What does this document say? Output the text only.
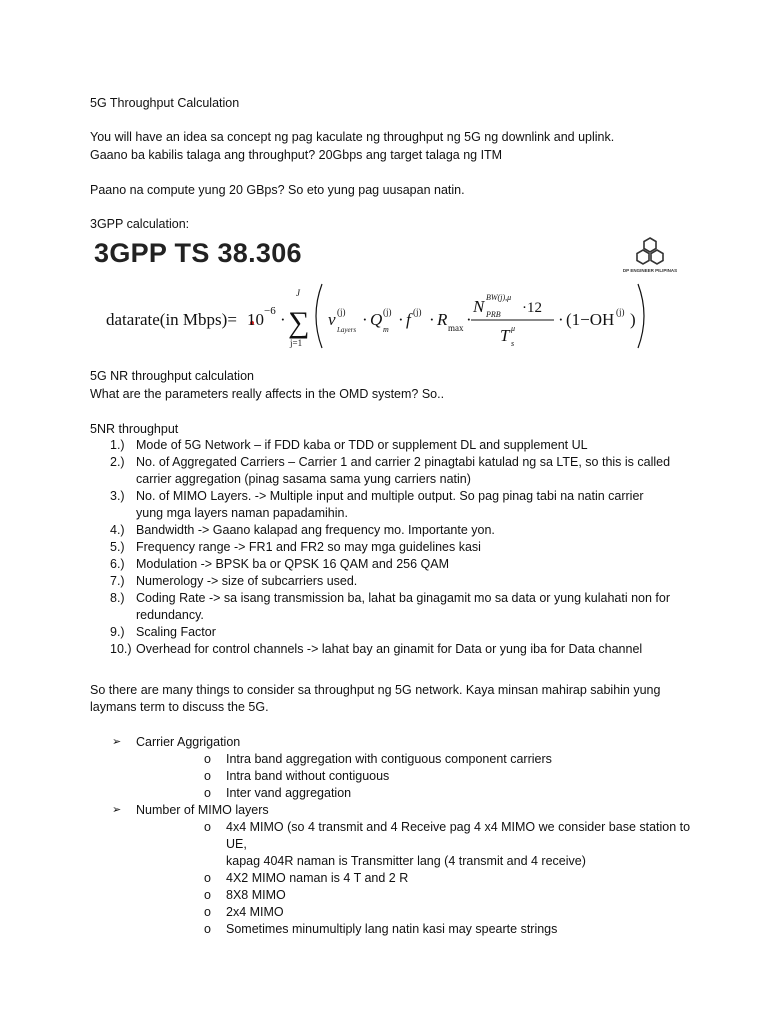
5G Throughput Calculation

You will have an idea sa concept ng pag kaculate ng throughput ng 5G ng downlink and uplink.

Gaano ba kabilis talaga ang throughput? 20Gbps ang target talaga ng ITM

Paano na compute yung 20 GBps? So eto yung pag uusapan natin.

3GPP calculation:

3GPP TS 38.306
DP ENGINEER PILIPINAS
datarate(in Mbps)= 10 −6 · ∑
J
j=1
v (j)
Layers
· Q (j)
m
· f (j) · R max ·
N BW(j),μ
PRB ·12
T μ
s
· (1−OH (j) )

5G NR throughput calculation

What are the parameters really affects in the OMD system? So..

5NR throughput

1.) Mode of 5G Network – if FDD kaba or TDD or supplement DL and supplement UL
2.) No. of Aggregated Carriers – Carrier 1 and carrier 2 pinagtabi katulad ng sa LTE, so this is called
carrier aggregation (pinag sasama sama yung carriers natin)
3.) No. of MIMO Layers. -> Multiple input and multiple output. So pag pinag tabi na natin carrier
yung mga layers naman papadamihin.
4.) Bandwidth -> Gaano kalapad ang frequency mo. Importante yon.
5.) Frequency range -> FR1 and FR2 so may mga guidelines kasi
6.) Modulation -> BPSK ba or QPSK 16 QAM and 256 QAM
7.) Numerology -> size of subcarriers used.
8.) Coding Rate -> sa isang transmission ba, lahat ba ginagamit mo sa data or yung kulahati non for
redundancy.
9.) Scaling Factor
10.) Overhead for control channels -> lahat bay an ginamit for Data or yung iba for Data channel

So there are many things to consider sa throughput ng 5G network. Kaya minsan mahirap sabihin yung

laymans term to discuss the 5G.

➢ Carrier Aggrigation
o Intra band aggregation with contiguous component carriers
o Intra band without contiguous
o Inter vand aggregation
➢ Number of MIMO layers
o 4x4 MIMO (so 4 transmit and 4 Receive pag 4 x4 MIMO we consider base station to UE,
kapag 404R naman is Transmitter lang (4 transmit and 4 receive)
o 4X2 MIMO naman is 4 T and 2 R
o 8X8 MIMO
o 2x4 MIMO
o Sometimes minumultiply lang natin kasi may spearte strings
